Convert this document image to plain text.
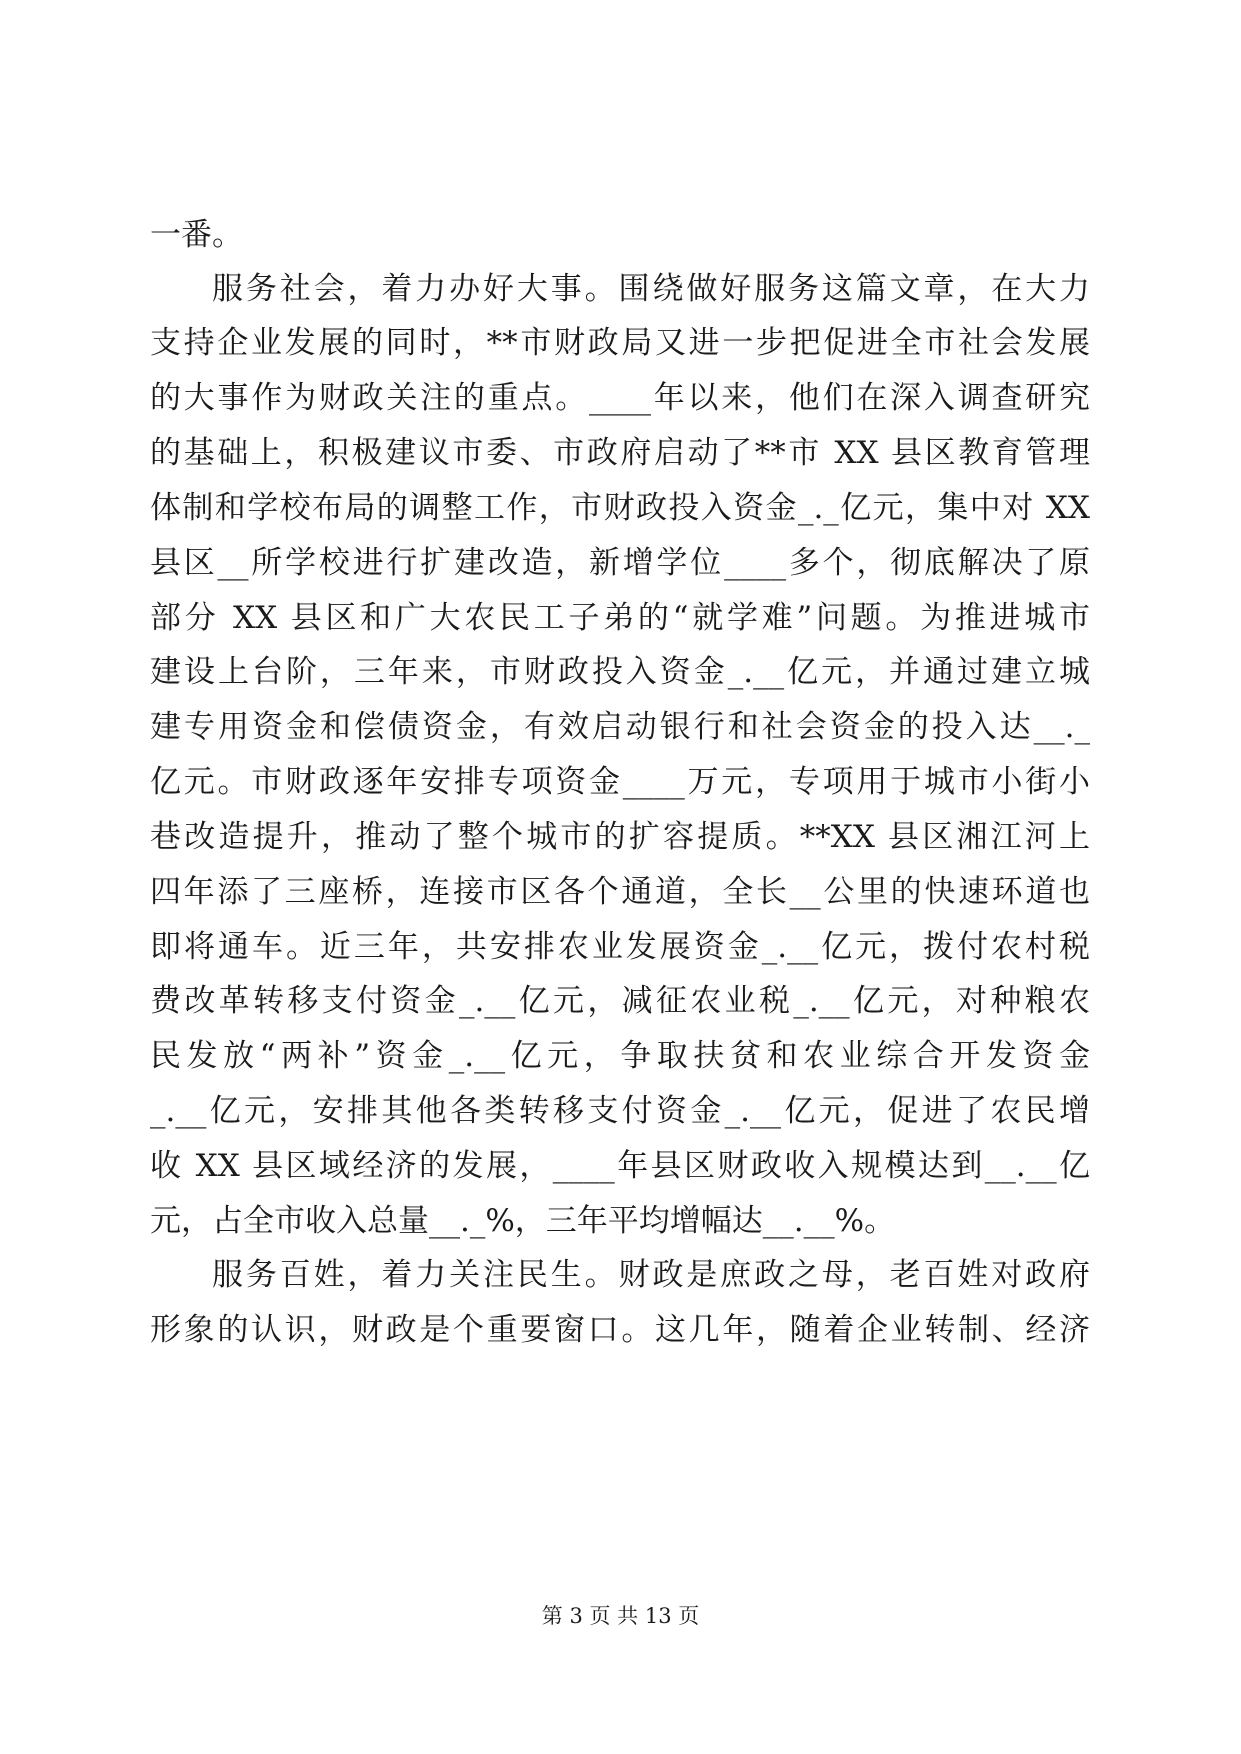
一番。
服务社会，着力办好大事。围绕做好服务这篇文章，在大力
支持企业发展的同时，**市财政局又进一步把促进全市社会发展
的大事作为财政关注的重点。____年以来，他们在深入调查研究
的基础上，积极建议市委、市政府启动了**市 XX 县区教育管理
体制和学校布局的调整工作，市财政投入资金_._亿元，集中对 XX
县区__所学校进行扩建改造，新增学位____多个，彻底解决了原
部分 XX 县区和广大农民工子弟的“就学难”问题。为推进城市
建设上台阶，三年来，市财政投入资金_.__亿元，并通过建立城
建专用资金和偿债资金，有效启动银行和社会资金的投入达__._
亿元。市财政逐年安排专项资金____万元，专项用于城市小街小
巷改造提升，推动了整个城市的扩容提质。**XX 县区湘江河上
四年添了三座桥，连接市区各个通道，全长__公里的快速环道也
即将通车。近三年，共安排农业发展资金_.__亿元，拨付农村税
费改革转移支付资金_.__亿元，减征农业税_.__亿元，对种粮农
民发放“两补”资金_.__亿元，争取扶贫和农业综合开发资金
_.__亿元，安排其他各类转移支付资金_.__亿元，促进了农民增
收 XX 县区域经济的发展，____年县区财政收入规模达到__.__亿
元，占全市收入总量__._%，三年平均增幅达__.__%。
服务百姓，着力关注民生。财政是庶政之母，老百姓对政府
形象的认识，财政是个重要窗口。这几年，随着企业转制、经济
第 3 页 共 13 页
